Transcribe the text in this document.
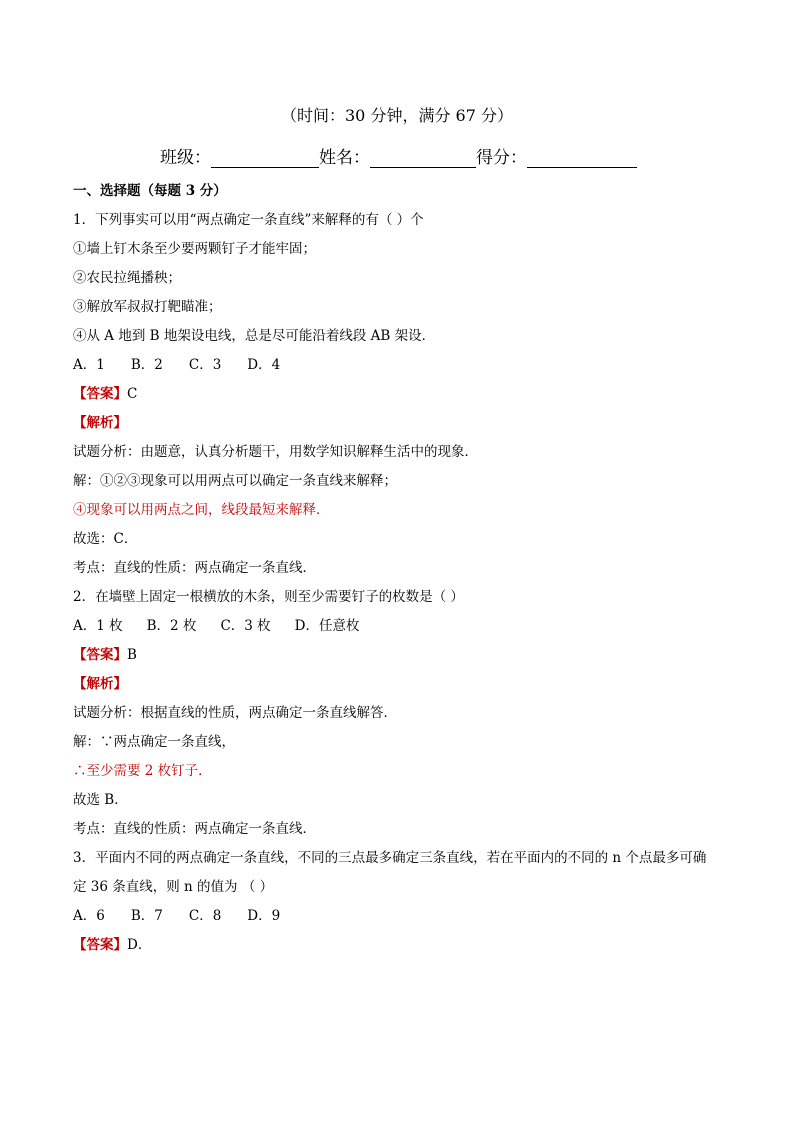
（时间：30 分钟，满分 67 分）
班级：	姓名：	得分：
一、选择题（每题 3 分）
1．下列事实可以用“两点确定一条直线”来解释的有（ ）个
①墙上钉木条至少要两颗钉子才能牢固；
②农民拉绳播秧；
③解放军叔叔打靶瞄准；
④从 A 地到 B 地架设电线，总是尽可能沿着线段 AB 架设．
A．1 B．2 C．3 D．4
【答案】C
【解析】
试题分析：由题意，认真分析题干，用数学知识解释生活中的现象．
解：①②③现象可以用两点可以确定一条直线来解释；
④现象可以用两点之间，线段最短来解释．
故选：C．
考点：直线的性质：两点确定一条直线．
2．在墙壁上固定一根横放的木条，则至少需要钉子的枚数是（ ）
A．1 枚 B．2 枚 C．3 枚 D．任意枚
【答案】B
【解析】
试题分析：根据直线的性质，两点确定一条直线解答．
解：∵两点确定一条直线，
∴至少需要 2 枚钉子．
故选 B．
考点：直线的性质：两点确定一条直线．
3．平面内不同的两点确定一条直线，不同的三点最多确定三条直线，若在平面内的不同的 n 个点最多可确
定 36 条直线，则 n 的值为 （ ）
A．6 B．7 C．8 D．9
【答案】D．
